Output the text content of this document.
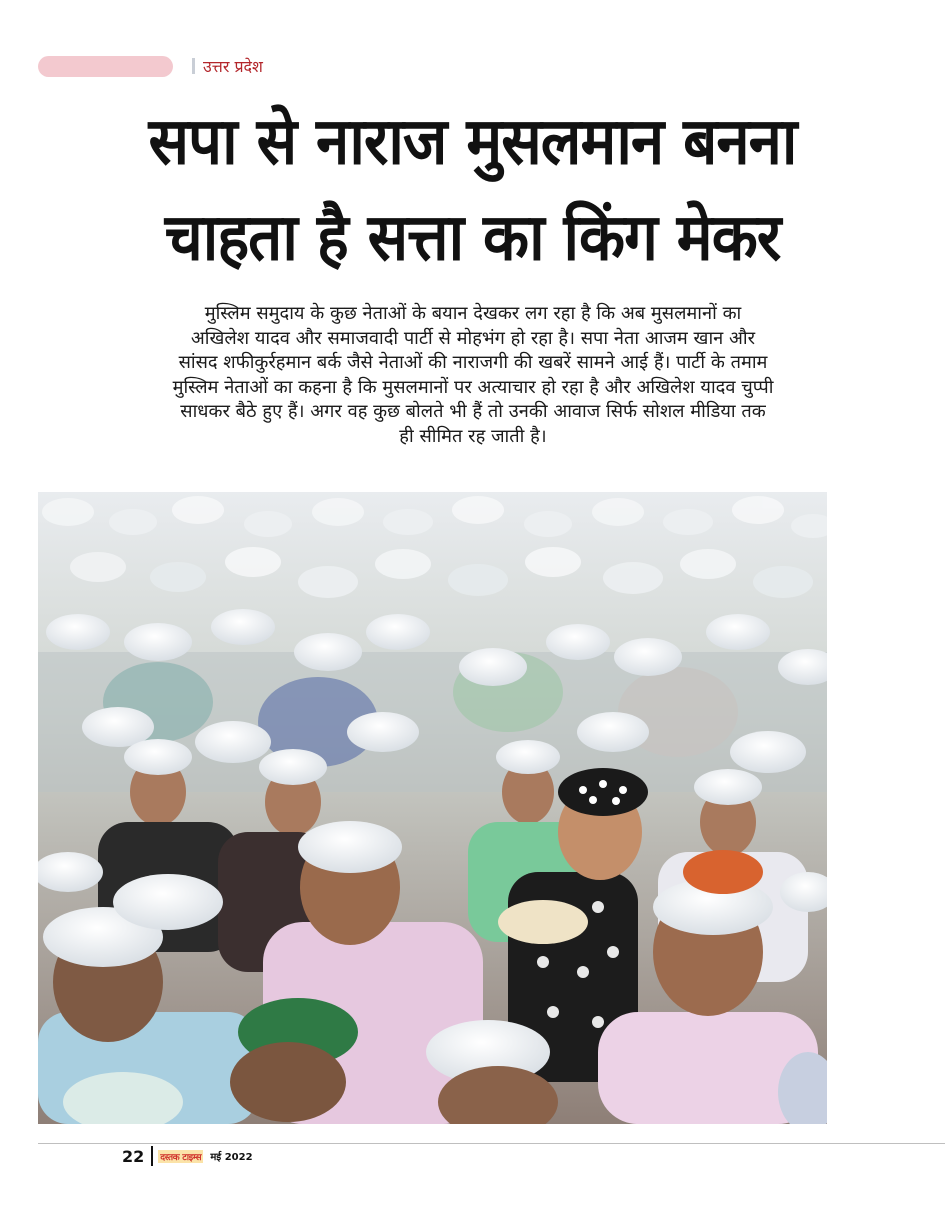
उत्तर प्रदेश
सपा से नाराज मुसलमान बनना
चाहता है सत्ता का किंग मेकर
मुस्लिम समुदाय के कुछ नेताओं के बयान देखकर लग रहा है कि अब मुसलमानों का
अखिलेश यादव और समाजवादी पार्टी से मोहभंग हो रहा है। सपा नेता आजम खान और
सांसद शफीकुर्रहमान बर्क जैसे नेताओं की नाराजगी की खबरें सामने आई हैं। पार्टी के तमाम
मुस्लिम नेताओं का कहना है कि मुसलमानों पर अत्याचार हो रहा है और अखिलेश यादव चुप्पी
साधकर बैठे हुए हैं। अगर वह कुछ बोलते भी हैं तो उनकी आवाज सिर्फ सोशल मीडिया तक
ही सीमित रह जाती है।
22 दस्तक टाइम्स मई 2022
